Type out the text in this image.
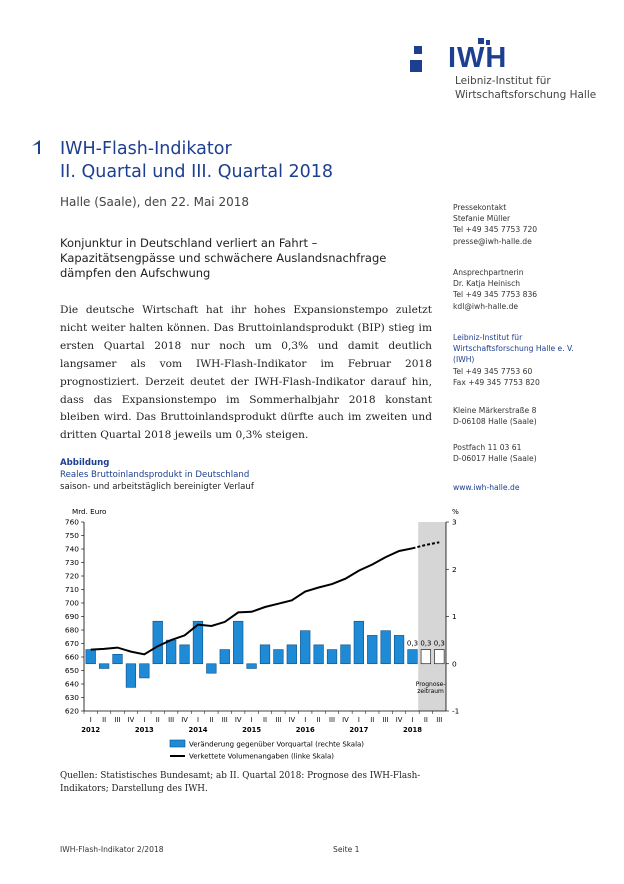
IWH
Leibniz-Institut für
Wirtschaftsforschung Halle
IWH-Flash-Indikator
II. Quartal und III. Quartal 2018
Halle (Saale), den 22. Mai 2018
Konjunktur in Deutschland verliert an Fahrt – Kapazitätsengpässe und schwächere Auslandsnachfrage dämpfen den Aufschwung
Die deutsche Wirtschaft hat ihr hohes Expansionstempo zuletzt nicht weiter halten können. Das Bruttoinlandsprodukt (BIP) stieg im ersten Quartal 2018 nur noch um 0,3% und damit deutlich langsamer als vom IWH-Flash-Indikator im Februar 2018 prognostiziert. Derzeit deutet der IWH-Flash-Indikator darauf hin, dass das Expansionstempo im Sommerhalbjahr 2018 konstant bleiben wird. Das Bruttoinlandsprodukt dürfte auch im zweiten und dritten Quartal 2018 jeweils um 0,3% steigen.
Pressekontakt
Stefanie Müller
Tel +49 345 7753 720
presse@iwh-halle.de
Ansprechpartnerin
Dr. Katja Heinisch
Tel +49 345 7753 836
kdl@iwh-halle.de
Leibniz-Institut für
Wirtschaftsforschung Halle e. V.
(IWH)
Tel +49 345 7753 60
Fax +49 345 7753 820
Kleine Märkerstraße 8
D-06108 Halle (Saale)
Postfach 11 03 61
D-06017 Halle (Saale)
www.iwh-halle.de
Abbildung
Reales Bruttoinlandsprodukt in Deutschland
saison- und arbeitstäglich bereinigter Verlauf
620
630
640
650
660
670
680
690
700
710
720
730
740
750
760
-1
0
1
2
3
Mrd. Euro	%
0,3 0,3 0,3
I II III IV I II III IV I II III IV I II III IV I II III IV I II III IV I II III
2012	2013	2014	2015	2016	2017	2018
Prognose-
zeitraum
Veränderung gegenüber Vorquartal (rechte Skala)
Verkettete Volumenangaben (linke Skala)
Quellen: Statistisches Bundesamt; ab II. Quartal 2018: Prognose des IWH-Flash-Indikators; Darstellung des IWH.
IWH-Flash-Indikator 2/2018	Seite 1
